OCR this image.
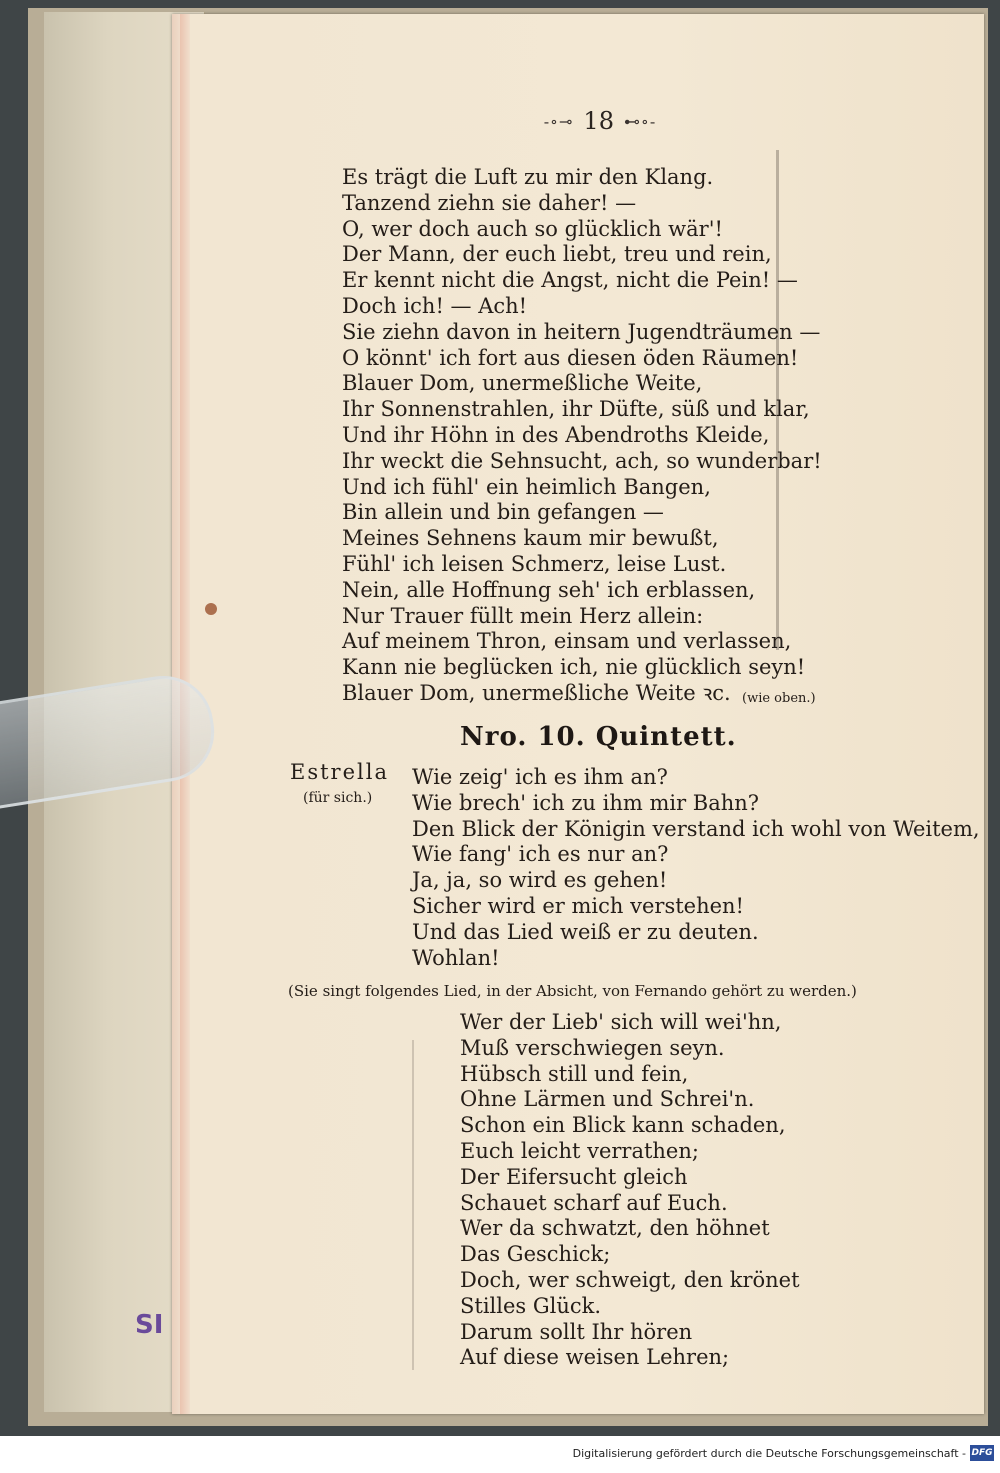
-∘⊸ 18 ⊷∘-
Es trägt die Luft zu mir den Klang.
Tanzend ziehn sie daher! —
O, wer doch auch so glücklich wär'!
Der Mann, der euch liebt, treu und rein,
Er kennt nicht die Angst, nicht die Pein! —
Doch ich! — Ach!
Sie ziehn davon in heitern Jugendträumen —
O könnt' ich fort aus diesen öden Räumen!
Blauer Dom, unermeßliche Weite,
Ihr Sonnenstrahlen, ihr Düfte, süß und klar,
Und ihr Höhn in des Abendroths Kleide,
Ihr weckt die Sehnsucht, ach, so wunderbar!
Und ich fühl' ein heimlich Bangen,
Bin allein und bin gefangen —
Meines Sehnens kaum mir bewußt,
Fühl' ich leisen Schmerz, leise Lust.
Nein, alle Hoffnung seh' ich erblassen,
Nur Trauer füllt mein Herz allein:
Auf meinem Thron, einsam und verlassen,
Kann nie beglücken ich, nie glücklich seyn!
Blauer Dom, unermeßliche Weite ꝛc. (wie oben.)
Nro. 10. Quintett.
Estrella
(für sich.)
Wie zeig' ich es ihm an?
Wie brech' ich zu ihm mir Bahn?
Den Blick der Königin verstand ich wohl von Weitem,
Wie fang' ich es nur an?
Ja, ja, so wird es gehen!
Sicher wird er mich verstehen!
Und das Lied weiß er zu deuten.
Wohlan!
(Sie singt folgendes Lied, in der Absicht, von Fernando gehört zu werden.)
Wer der Lieb' sich will wei'hn,
Muß verschwiegen seyn.
Hübsch still und fein,
Ohne Lärmen und Schrei'n.
Schon ein Blick kann schaden,
Euch leicht verrathen;
Der Eifersucht gleich
Schauet scharf auf Euch.
Wer da schwatzt, den höhnet
Das Geschick;
Doch, wer schweigt, den krönet
Stilles Glück.
Darum sollt Ihr hören
Auf diese weisen Lehren;
SI
Digitalisierung gefördert durch die Deutsche Forschungsgemeinschaft - DFG
